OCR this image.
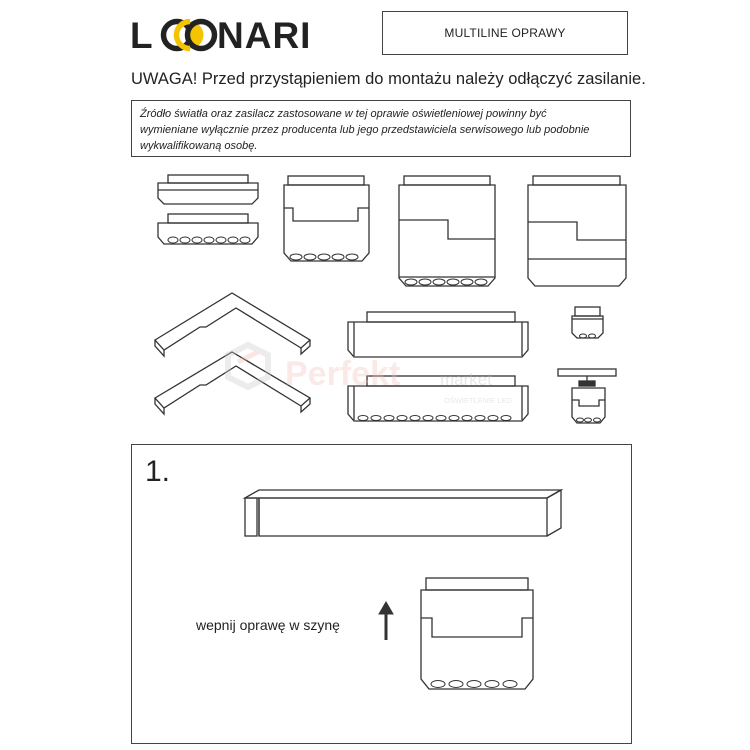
L NARI	MULTILINE OPRAWY
UWAGA! Przed przystąpieniem do montażu należy odłączyć zasilanie.
Źródło światła oraz zasilacz zastosowane w tej oprawie oświetleniowej powinny być
wymieniane wyłącznie przez producenta lub jego przedstawiciela serwisowego lub podobnie
wykwalifikowaną osobę.
Perfekt market
OŚWIETLENIE LED
1.
wepnij oprawę w szynę
